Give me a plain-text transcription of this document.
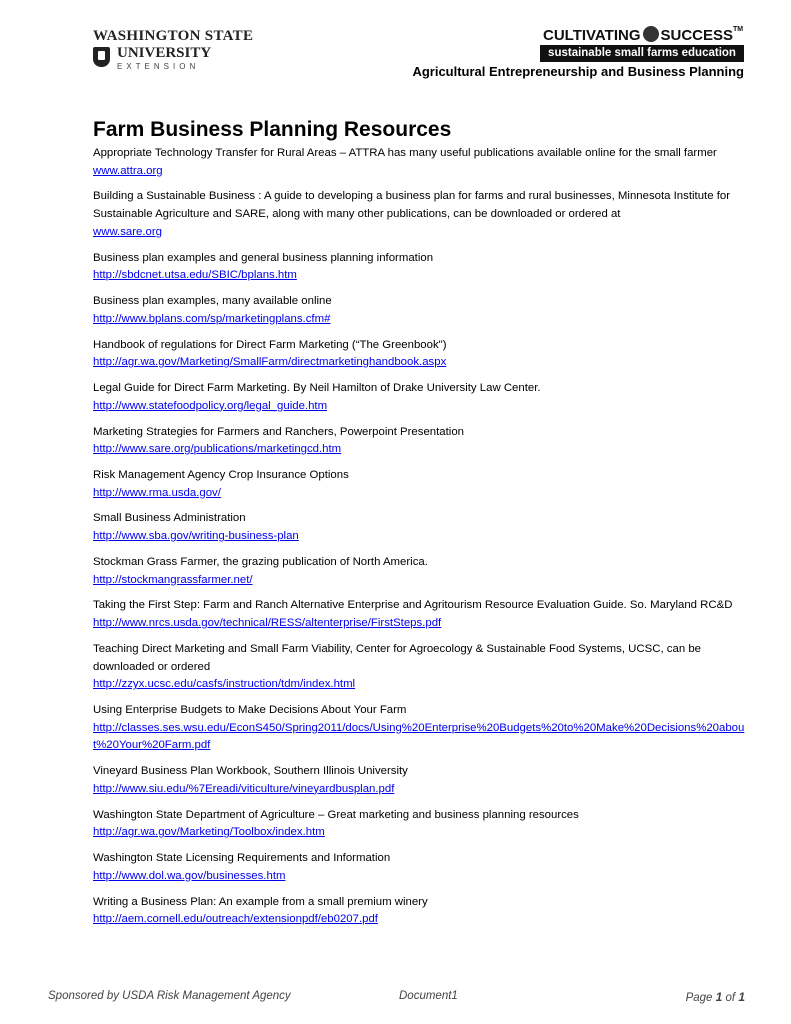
WASHINGTON STATE
UNIVERSITY
EXTENSION
CULTIVATING SUCCESS™
sustainable small farms education
Agricultural Entrepreneurship and Business Planning
Farm Business Planning Resources
Appropriate Technology Transfer for Rural Areas – ATTRA has many useful publications available online for the small farmer
www.attra.org
Building a Sustainable Business : A guide to developing a business plan for farms and rural businesses, Minnesota Institute for Sustainable Agriculture and SARE, along with many other publications, can be downloaded or ordered at
www.sare.org
Business plan examples and general business planning information
http://sbdcnet.utsa.edu/SBIC/bplans.htm
Business plan examples, many available online
http://www.bplans.com/sp/marketingplans.cfm#
Handbook of regulations for Direct Farm Marketing (“The Greenbook")
http://agr.wa.gov/Marketing/SmallFarm/directmarketinghandbook.aspx
Legal Guide for Direct Farm Marketing. By Neil Hamilton of Drake University Law Center.
http://www.statefoodpolicy.org/legal_guide.htm
Marketing Strategies for Farmers and Ranchers, Powerpoint Presentation
http://www.sare.org/publications/marketingcd.htm
Risk Management Agency Crop Insurance Options
http://www.rma.usda.gov/
Small Business Administration
http://www.sba.gov/writing-business-plan
Stockman Grass Farmer, the grazing publication of North America.
http://stockmangrassfarmer.net/
Taking the First Step: Farm and Ranch Alternative Enterprise and Agritourism Resource Evaluation Guide. So. Maryland RC&D
http://www.nrcs.usda.gov/technical/RESS/altenterprise/FirstSteps.pdf
Teaching Direct Marketing and Small Farm Viability, Center for Agroecology & Sustainable Food Systems, UCSC, can be downloaded or ordered
http://zzyx.ucsc.edu/casfs/instruction/tdm/index.html
Using Enterprise Budgets to Make Decisions About Your Farm
http://classes.ses.wsu.edu/EconS450/Spring2011/docs/Using%20Enterprise%20Budgets%20to%20Make%20Decisions%20about%20Your%20Farm.pdf
Vineyard Business Plan Workbook, Southern Illinois University
http://www.siu.edu/%7Ereadi/viticulture/vineyardbusplan.pdf
Washington State Department of Agriculture – Great marketing and business planning resources
http://agr.wa.gov/Marketing/Toolbox/index.htm
Washington State Licensing Requirements and Information
http://www.dol.wa.gov/businesses.htm
Writing a Business Plan: An example from a small premium winery
http://aem.cornell.edu/outreach/extensionpdf/eb0207.pdf
Sponsored by USDA Risk Management Agency	Document1	Page 1 of 1
